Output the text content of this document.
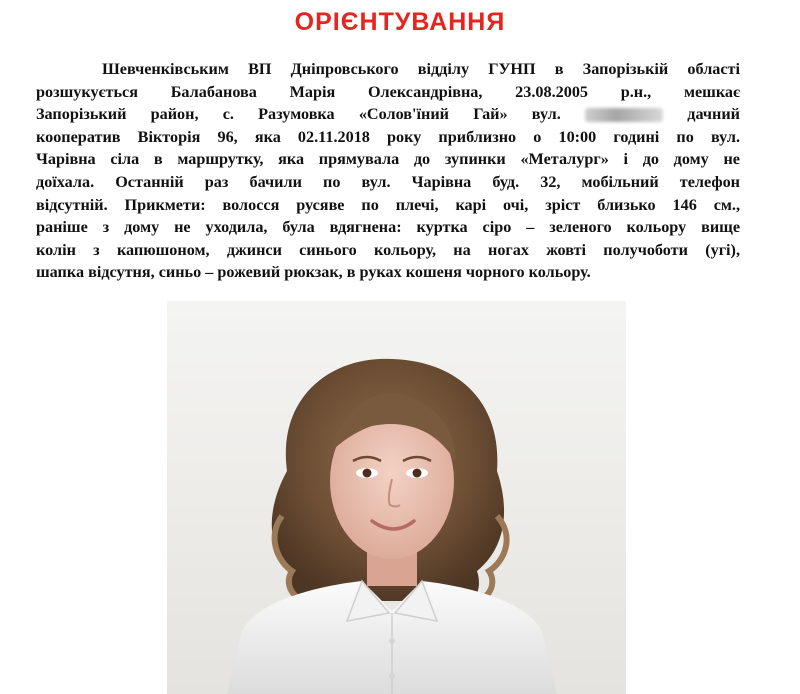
ОРІЄНТУВАННЯ
Шевченківським ВП Дніпровського відділу ГУНП в Запорізькій області
розшукується Балабанова Марія Олександрівна, 23.08.2005 р.н., мешкає
Запорізький район, с. Разумовка «Солов'їний Гай» вул.	дачний
кооператив Вікторія 96, яка 02.11.2018 року приблизно о 10:00 годині по вул.
Чарівна сіла в маршрутку, яка прямувала до зупинки «Металург» і до дому не
доїхала. Останній раз бачили по вул. Чарівна буд. 32, мобільний телефон
відсутній. Прикмети: волосся русяве по плечі, карі очі, зріст близько 146 см.,
раніше з дому не уходила, була вдягнена: куртка сіро – зеленого кольору вище
колін з капюшоном, джинси синього кольору, на ногах жовті получоботи (угі),
шапка відсутня, синьо – рожевий рюкзак, в руках кошеня чорного кольору.
